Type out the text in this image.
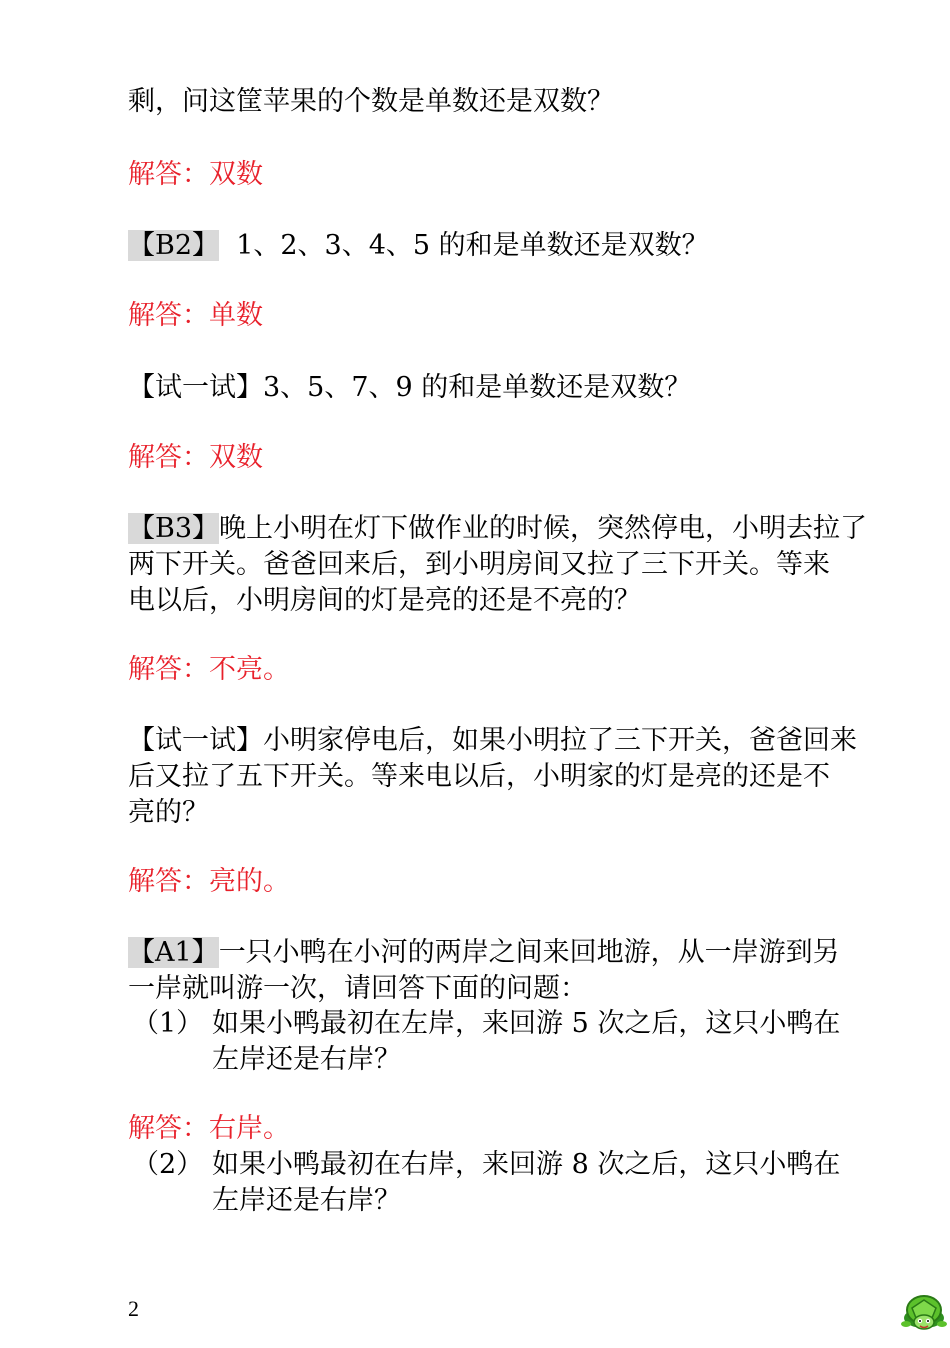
剩，问这筐苹果的个数是单数还是双数？
解答：双数
【B2】  1、2、3、4、5 的和是单数还是双数？
解答：单数
【试一试】3、5、7、9 的和是单数还是双数？
解答：双数
【B3】晚上小明在灯下做作业的时候，突然停电，小明去拉了
两下开关。爸爸回来后，到小明房间又拉了三下开关。等来
电以后，小明房间的灯是亮的还是不亮的？
解答：不亮。
【试一试】小明家停电后，如果小明拉了三下开关，爸爸回来
后又拉了五下开关。等来电以后，小明家的灯是亮的还是不
亮的？
解答：亮的。
【A1】一只小鸭在小河的两岸之间来回地游，从一岸游到另
一岸就叫游一次，请回答下面的问题：
（1） 如果小鸭最初在左岸，来回游 5 次之后，这只小鸭在
左岸还是右岸？
解答：右岸。
（2） 如果小鸭最初在右岸，来回游 8 次之后，这只小鸭在
左岸还是右岸？
2
